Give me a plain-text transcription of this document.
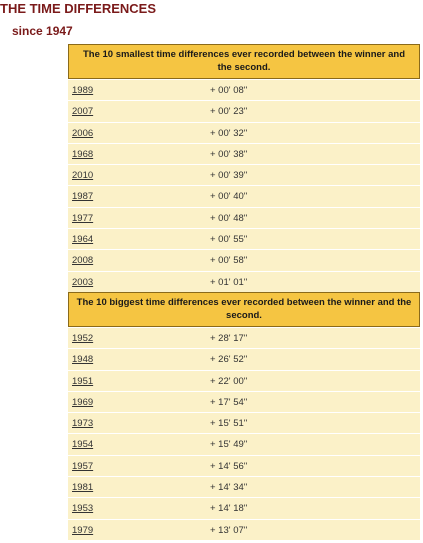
THE TIME DIFFERENCES
since 1947
The 10 smallest time differences ever recorded between the winner and the second.
1989	+ 00' 08''
2007	+ 00' 23''
2006	+ 00' 32''
1968	+ 00' 38''
2010	+ 00' 39''
1987	+ 00' 40''
1977	+ 00' 48''
1964	+ 00' 55''
2008	+ 00' 58''
2003	+ 01' 01''
The 10 biggest time differences ever recorded between the winner and the second.
1952	+ 28' 17''
1948	+ 26' 52''
1951	+ 22' 00''
1969	+ 17' 54''
1973	+ 15' 51''
1954	+ 15' 49''
1957	+ 14' 56''
1981	+ 14' 34''
1953	+ 14' 18''
1979	+ 13' 07''
